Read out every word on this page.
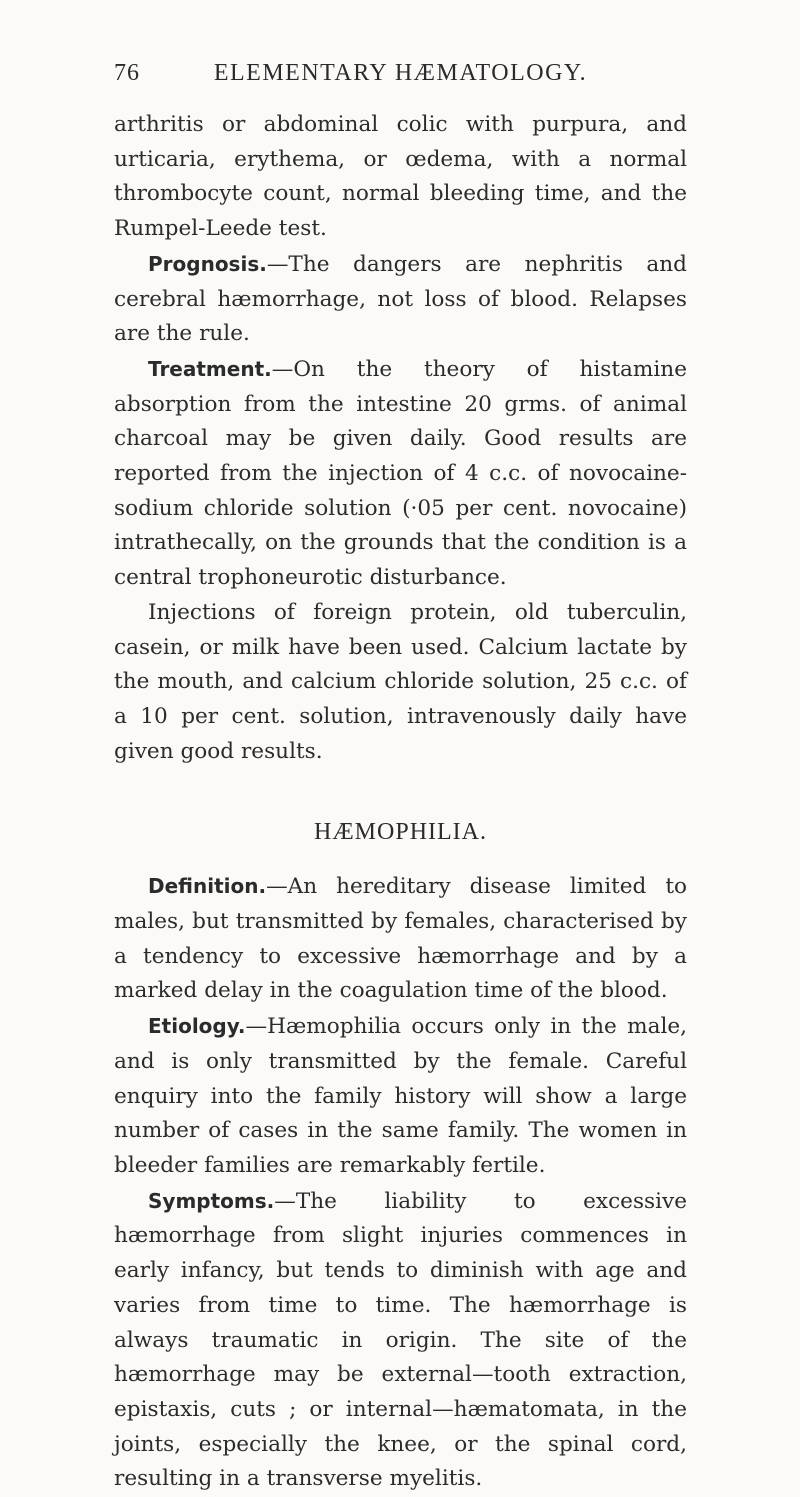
76	ELEMENTARY HÆMATOLOGY.

arthritis or abdominal colic with purpura, and urticaria, erythema, or œdema, with a normal thrombocyte count, normal bleeding time, and the Rumpel-Leede test.

Prognosis.—The dangers are nephritis and cerebral hæmorrhage, not loss of blood. Relapses are the rule.

Treatment.—On the theory of histamine absorption from the intestine 20 grms. of animal charcoal may be given daily. Good results are reported from the injection of 4 c.c. of novocaine-sodium chloride solution (·05 per cent. novocaine) intrathecally, on the grounds that the condition is a central trophoneurotic disturbance.

Injections of foreign protein, old tuberculin, casein, or milk have been used. Calcium lactate by the mouth, and calcium chloride solution, 25 c.c. of a 10 per cent. solution, intravenously daily have given good results.

HÆMOPHILIA.

Definition.—An hereditary disease limited to males, but transmitted by females, characterised by a tendency to excessive hæmorrhage and by a marked delay in the coagulation time of the blood.

Etiology.—Hæmophilia occurs only in the male, and is only transmitted by the female. Careful enquiry into the family history will show a large number of cases in the same family. The women in bleeder families are remarkably fertile.

Symptoms.—The liability to excessive hæmorrhage from slight injuries commences in early infancy, but tends to diminish with age and varies from time to time. The hæmorrhage is always traumatic in origin. The site of the hæmorrhage may be external—tooth extraction, epistaxis, cuts ; or internal—hæmatomata, in the joints, especially the knee, or the spinal cord, resulting in a transverse myelitis.
